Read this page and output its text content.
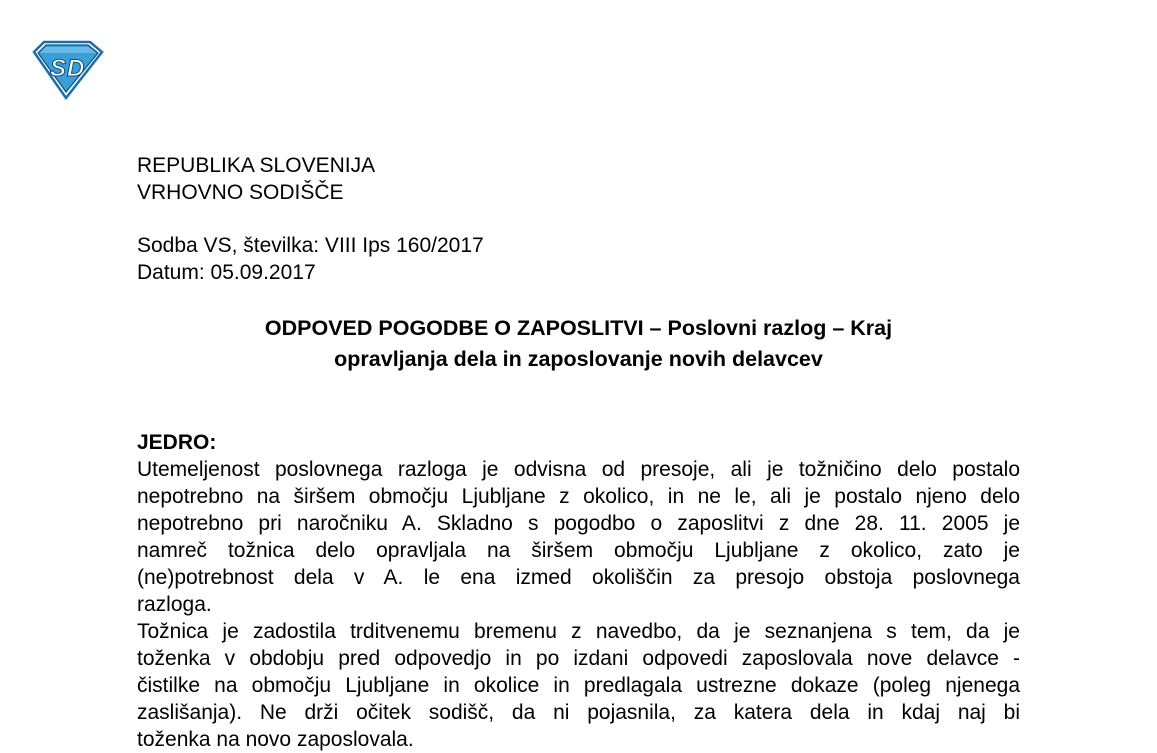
S D
REPUBLIKA SLOVENIJA
VRHOVNO SODIŠČE
Sodba VS, številka: VIII Ips 160/2017
Datum: 05.09.2017
ODPOVED POGODBE O ZAPOSLITVI – Poslovni razlog – Kraj
opravljanja dela in zaposlovanje novih delavcev
JEDRO:
Utemeljenost poslovnega razloga je odvisna od presoje, ali je tožničino delo postalo
nepotrebno na širšem območju Ljubljane z okolico, in ne le, ali je postalo njeno delo
nepotrebno pri naročniku A. Skladno s pogodbo o zaposlitvi z dne 28. 11. 2005 je
namreč tožnica delo opravljala na širšem območju Ljubljane z okolico, zato je
(ne)potrebnost dela v A. le ena izmed okoliščin za presojo obstoja poslovnega
razloga.
Tožnica je zadostila trditvenemu bremenu z navedbo, da je seznanjena s tem, da je
toženka v obdobju pred odpovedjo in po izdani odpovedi zaposlovala nove delavce -
čistilke na območju Ljubljane in okolice in predlagala ustrezne dokaze (poleg njenega
zaslišanja). Ne drži očitek sodišč, da ni pojasnila, za katera dela in kdaj naj bi
toženka na novo zaposlovala.
